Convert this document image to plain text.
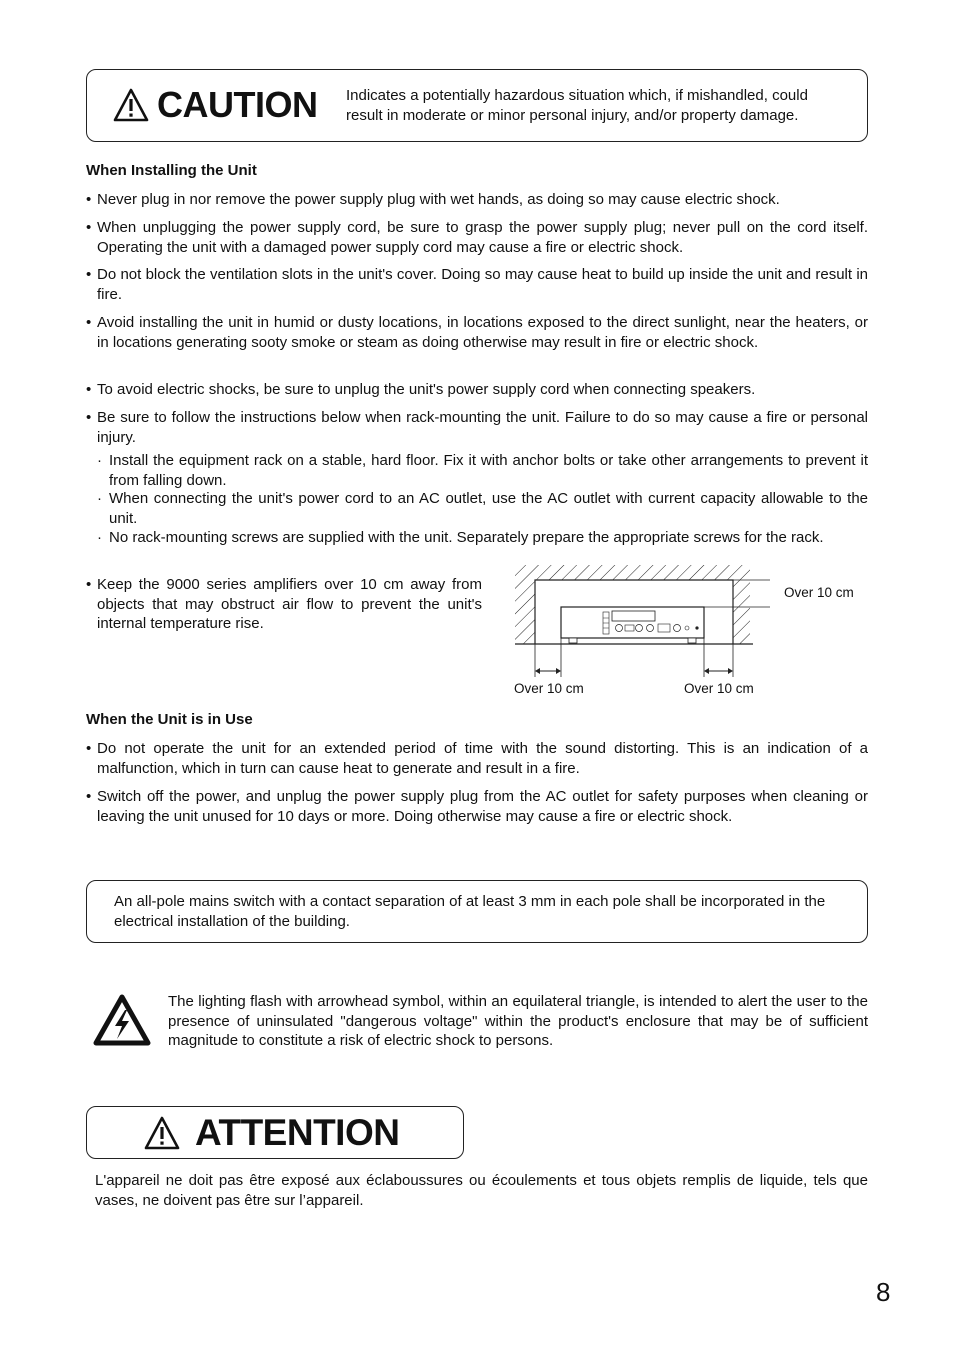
CAUTION Indicates a potentially hazardous situation which, if mishandled, could result in moderate or minor personal injury, and/or property damage.
When Installing the Unit
• Never plug in nor remove the power supply plug with wet hands, as doing so may cause electric shock.
• When unplugging the power supply cord, be sure to grasp the power supply plug; never pull on the cord itself. Operating the unit with a damaged power supply cord may cause a fire or electric shock.
• Do not block the ventilation slots in the unit's cover. Doing so may cause heat to build up inside the unit and result in fire.
• Avoid installing the unit in humid or dusty locations, in locations exposed to the direct sunlight, near the heaters, or in locations generating sooty smoke or steam as doing otherwise may result in fire or electric shock.
• To avoid electric shocks, be sure to unplug the unit's power supply cord when connecting speakers.
• Be sure to follow the instructions below when rack-mounting the unit. Failure to do so may cause a fire or personal injury.
· Install the equipment rack on a stable, hard floor. Fix it with anchor bolts or take other arrangements to prevent it from falling down.
· When connecting the unit's power cord to an AC outlet, use the AC outlet with current capacity allowable to the unit.
· No rack-mounting screws are supplied with the unit. Separately prepare the appropriate screws for the rack.
• Keep the 9000 series amplifiers over 10 cm away from objects that may obstruct air flow to prevent the unit's internal temperature rise.
Over 10 cm
Over 10 cm	Over 10 cm
When the Unit is in Use
• Do not operate the unit for an extended period of time with the sound distorting. This is an indication of a malfunction, which in turn can cause heat to generate and result in a fire.
• Switch off the power, and unplug the power supply plug from the AC outlet for safety purposes when cleaning or leaving the unit unused for 10 days or more. Doing otherwise may cause a fire or electric shock.
An all-pole mains switch with a contact separation of at least 3 mm in each pole shall be incorporated in the electrical installation of the building.
The lighting flash with arrowhead symbol, within an equilateral triangle, is intended to alert the user to the presence of uninsulated "dangerous voltage" within the product's enclosure that may be of sufficient magnitude to constitute a risk of electric shock to persons.
ATTENTION
L'appareil ne doit pas être exposé aux éclaboussures ou écoulements et tous objets remplis de liquide, tels que vases, ne doivent pas être sur l’appareil.
8
